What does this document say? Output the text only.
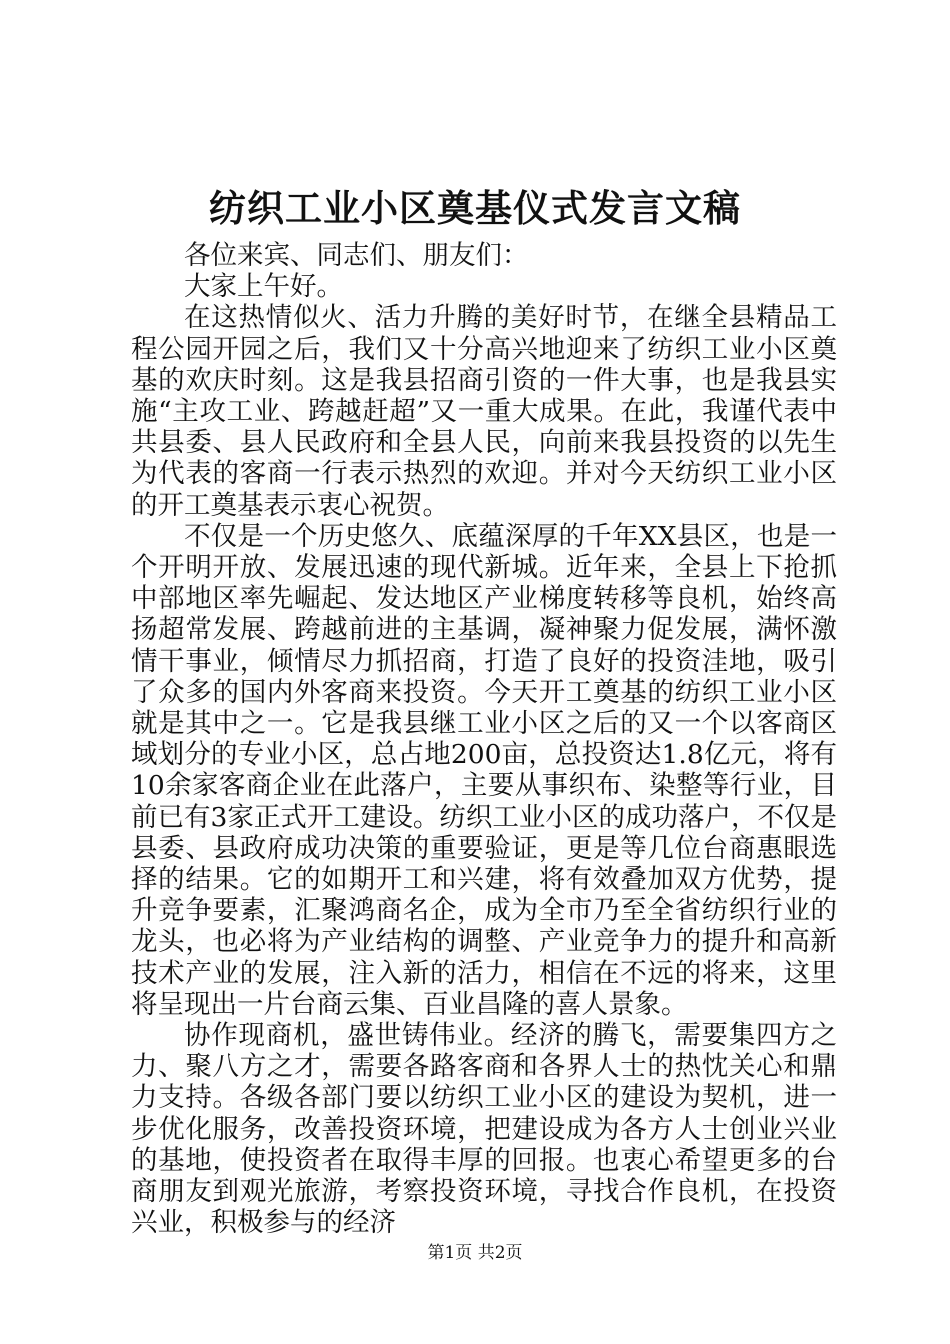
纺织工业小区奠基仪式发言文稿

各位来宾、同志们、朋友们：

大家上午好。

在这热情似火、活力升腾的美好时节，在继全县精品工程公园开园之后，我们又十分高兴地迎来了纺织工业小区奠基的欢庆时刻。这是我县招商引资的一件大事，也是我县实施“主攻工业、跨越赶超”又一重大成果。在此，我谨代表中共县委、县人民政府和全县人民，向前来我县投资的以先生为代表的客商一行表示热烈的欢迎。并对今天纺织工业小区的开工奠基表示衷心祝贺。

不仅是一个历史悠久、底蕴深厚的千年XX县区，也是一个开明开放、发展迅速的现代新城。近年来，全县上下抢抓中部地区率先崛起、发达地区产业梯度转移等良机，始终高扬超常发展、跨越前进的主基调，凝神聚力促发展，满怀激情干事业，倾情尽力抓招商，打造了良好的投资洼地，吸引了众多的国内外客商来投资。今天开工奠基的纺织工业小区就是其中之一。它是我县继工业小区之后的又一个以客商区域划分的专业小区，总占地200亩，总投资达1.8亿元，将有10余家客商企业在此落户，主要从事织布、染整等行业，目前已有3家正式开工建设。纺织工业小区的成功落户，不仅是县委、县政府成功决策的重要验证，更是等几位台商惠眼选择的结果。它的如期开工和兴建，将有效叠加双方优势，提升竞争要素，汇聚鸿商名企，成为全市乃至全省纺织行业的龙头，也必将为产业结构的调整、产业竞争力的提升和高新技术产业的发展，注入新的活力，相信在不远的将来，这里将呈现出一片台商云集、百业昌隆的喜人景象。

协作现商机，盛世铸伟业。经济的腾飞，需要集四方之力、聚八方之才，需要各路客商和各界人士的热忱关心和鼎力支持。各级各部门要以纺织工业小区的建设为契机，进一步优化服务，改善投资环境，把建设成为各方人士创业兴业的基地，使投资者在取得丰厚的回报。也衷心希望更多的台商朋友到观光旅游，考察投资环境，寻找合作良机，在投资兴业，积极参与的经济

第1页 共2页
